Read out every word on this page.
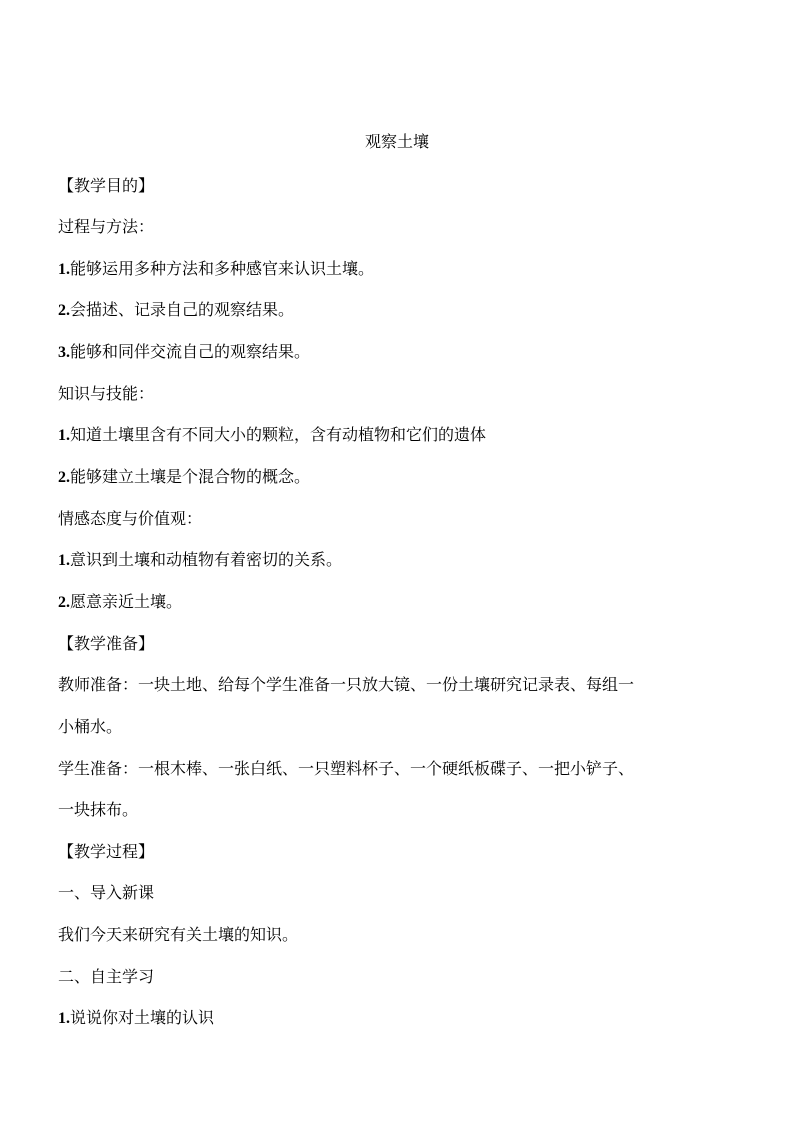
观察土壤
【教学目的】
过程与方法：
1.能够运用多种方法和多种感官来认识土壤。
2.会描述、记录自己的观察结果。
3.能够和同伴交流自己的观察结果。
知识与技能：
1.知道土壤里含有不同大小的颗粒，含有动植物和它们的遗体
2.能够建立土壤是个混合物的概念。
情感态度与价值观：
1.意识到土壤和动植物有着密切的关系。
2.愿意亲近土壤。
【教学准备】
教师准备：一块土地、给每个学生准备一只放大镜、一份土壤研究记录表、每组一
小桶水。
学生准备：一根木棒、一张白纸、一只塑料杯子、一个硬纸板碟子、一把小铲子、
一块抹布。
【教学过程】
一、导入新课
我们今天来研究有关土壤的知识。
二、自主学习
1.说说你对土壤的认识
